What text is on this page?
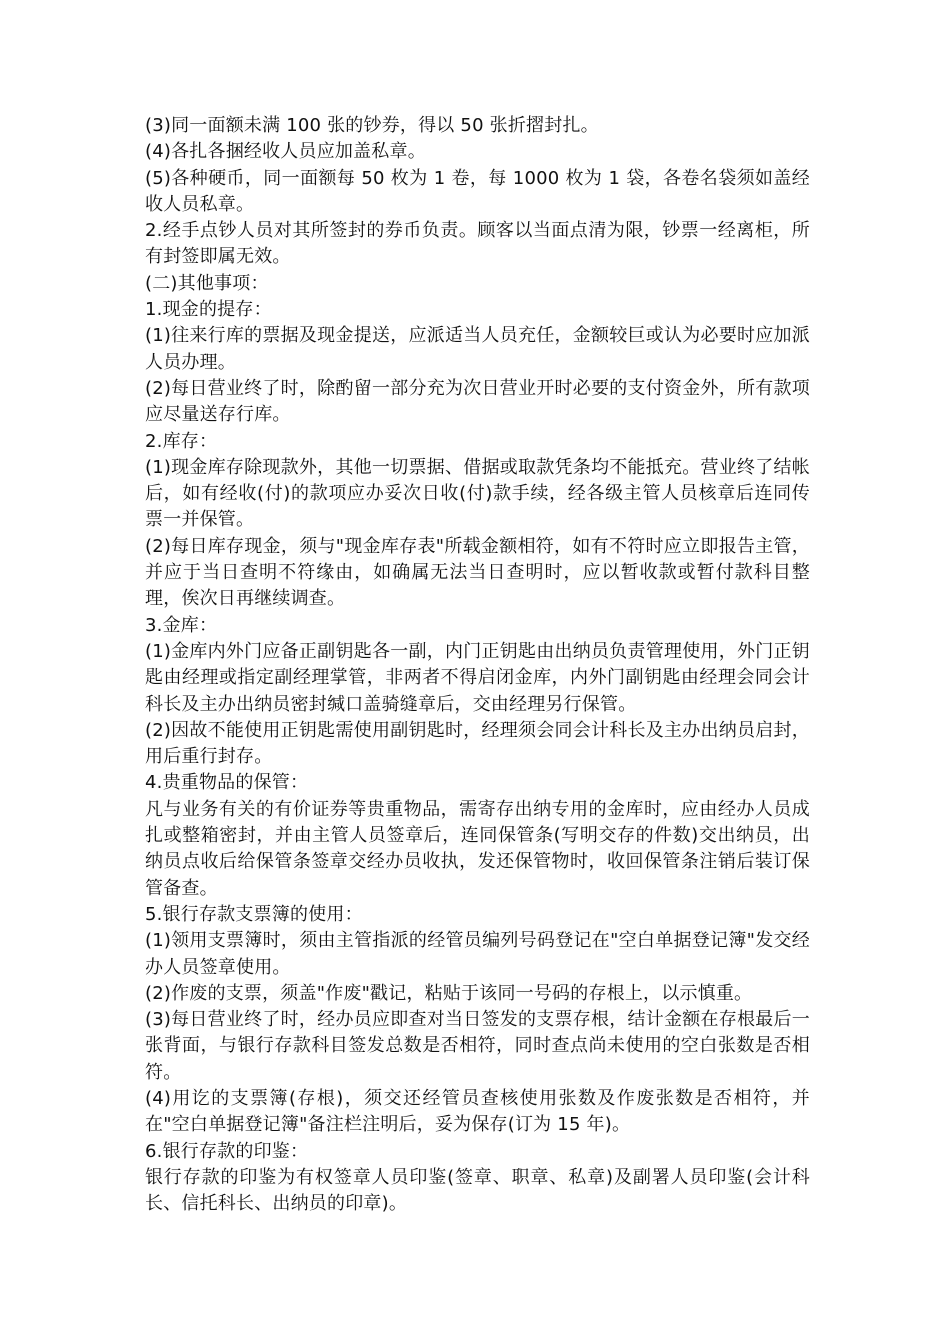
(3)同一面额未满 100 张的钞券，得以 50 张折摺封扎。

(4)各扎各捆经收人员应加盖私章。

(5)各种硬币，同一面额每 50 枚为 1 卷，每 1000 枚为 1 袋，各卷名袋须如盖经收人员私章。

2.经手点钞人员对其所签封的券币负责。顾客以当面点清为限，钞票一经离柜，所有封签即属无效。

(二)其他事项：

1.现金的提存：

(1)往来行库的票据及现金提送，应派适当人员充任，金额较巨或认为必要时应加派人员办理。

(2)每日营业终了时，除酌留一部分充为次日营业开时必要的支付资金外，所有款项应尽量送存行库。

2.库存：

(1)现金库存除现款外，其他一切票据、借据或取款凭条均不能抵充。营业终了结帐后，如有经收(付)的款项应办妥次日收(付)款手续，经各级主管人员核章后连同传票一并保管。

(2)每日库存现金，须与"现金库存表"所载金额相符，如有不符时应立即报告主管，并应于当日查明不符缘由，如确属无法当日查明时，应以暂收款或暂付款科目整理，俟次日再继续调查。

3.金库：

(1)金库内外门应备正副钥匙各一副，内门正钥匙由出纳员负责管理使用，外门正钥匙由经理或指定副经理掌管，非两者不得启闭金库，内外门副钥匙由经理会同会计科长及主办出纳员密封缄口盖骑缝章后，交由经理另行保管。

(2)因故不能使用正钥匙需使用副钥匙时，经理须会同会计科长及主办出纳员启封，用后重行封存。

4.贵重物品的保管：

凡与业务有关的有价证券等贵重物品，需寄存出纳专用的金库时，应由经办人员成扎或整箱密封，并由主管人员签章后，连同保管条(写明交存的件数)交出纳员，出纳员点收后给保管条签章交经办员收执，发还保管物时，收回保管条注销后装订保管备查。

5.银行存款支票簿的使用：

(1)领用支票簿时，须由主管指派的经管员编列号码登记在"空白单据登记簿"发交经办人员签章使用。

(2)作废的支票，须盖"作废"戳记，粘贴于该同一号码的存根上，以示慎重。

(3)每日营业终了时，经办员应即查对当日签发的支票存根，结计金额在存根最后一张背面，与银行存款科目签发总数是否相符，同时查点尚未使用的空白张数是否相符。

(4)用讫的支票簿(存根)，须交还经管员查核使用张数及作废张数是否相符，并在"空白单据登记簿"备注栏注明后，妥为保存(订为 15 年)。

6.银行存款的印鉴：

银行存款的印鉴为有权签章人员印鉴(签章、职章、私章)及副署人员印鉴(会计科长、信托科长、出纳员的印章)。
